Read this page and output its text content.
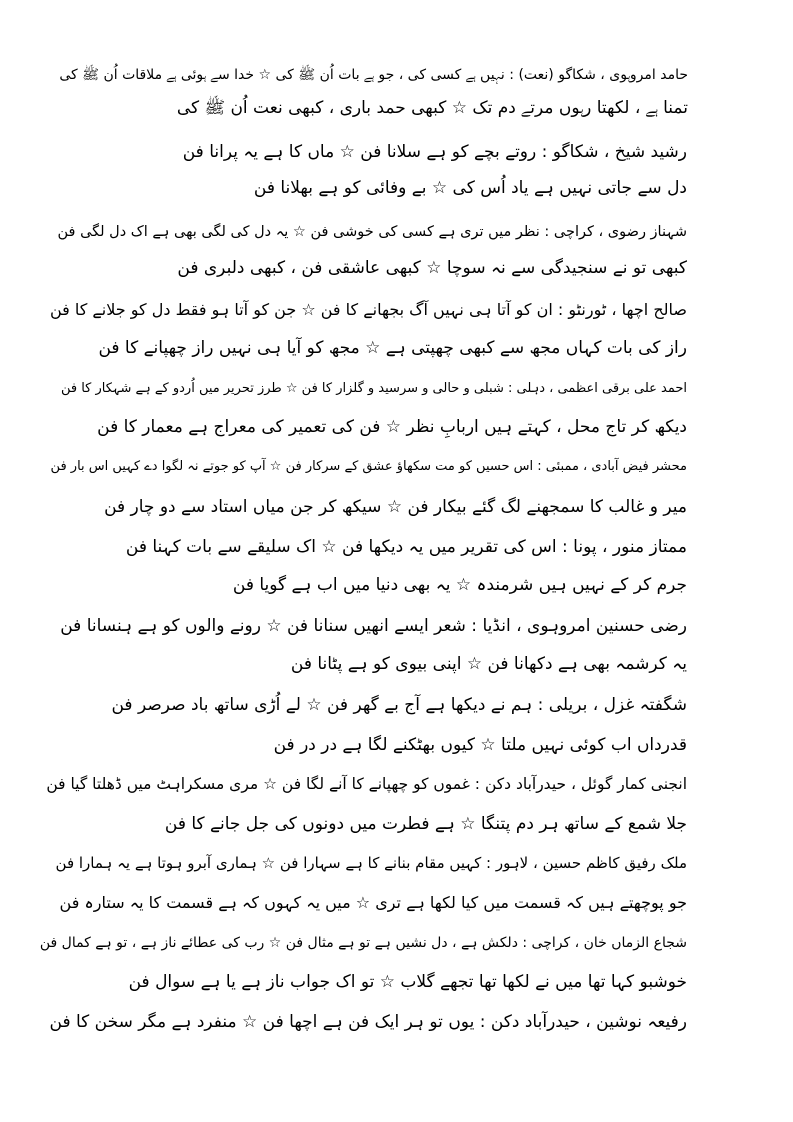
حامد امروہوی ، شکاگو (نعت) : نہیں ہے کسی کی ، جو ہے بات اُن ﷺ کی ☆ خدا سے ہوئی ہے ملاقات اُن ﷺ کی
تمنا ہے ، لکھتا رہوں مرتے دم تک ☆ کبھی حمد باری ، کبھی نعت اُن ﷺ کی
رشید شیخ ، شکاگو : روتے بچے کو ہے سلانا فن ☆ ماں کا ہے یہ پرانا فن
دل سے جاتی نہیں ہے یاد اُس کی ☆ بے وفائی کو ہے بھلانا فن
شہناز رضوی ، کراچی : نظر میں تری ہے کسی کی خوشی فن ☆ یہ دل کی لگی بھی ہے اک دل لگی فن
کبھی تو نے سنجیدگی سے نہ سوچا ☆ کبھی عاشقی فن ، کبھی دلبری فن
صالح اچھا ، ٹورنٹو : ان کو آتا ہی نہیں آگ بجھانے کا فن ☆ جن کو آتا ہو فقط دل کو جلانے کا فن
راز کی بات کہاں مجھ سے کبھی چھپتی ہے ☆ مجھ کو آیا ہی نہیں راز چھپانے کا فن
احمد علی برقی اعظمی ، دہلی : شبلی و حالی و سرسید و گلزار کا فن ☆ طرز تحریر میں اُردو کے ہے شہکار کا فن
دیکھ کر تاج محل ، کہتے ہیں اربابِ نظر ☆ فن کی تعمیر کی معراج ہے معمار کا فن
محشر فیض آبادی ، ممبئی : اس حسیں کو مت سکھاؤ عشق کے سرکار فن ☆ آپ کو جوتے نہ لگوا دے کہیں اس بار فن
میر و غالب کا سمجھنے لگ گئے بیکار فن ☆ سیکھ کر جن میاں استاد سے دو چار فن
ممتاز منور ، پونا : اس کی تقریر میں یہ دیکھا فن ☆ اک سلیقے سے بات کہنا فن
جرم کر کے نہیں ہیں شرمندہ ☆ یہ بھی دنیا میں اب ہے گویا فن
رضی حسنین امروہوی ، انڈیا : شعر ایسے انھیں سنانا فن ☆ رونے والوں کو ہے ہنسانا فن
یہ کرشمہ بھی ہے دکھانا فن ☆ اپنی بیوی کو ہے پٹانا فن
شگفتہ غزل ، بریلی : ہم نے دیکھا ہے آج بے گھر فن ☆ لے اُڑی ساتھ باد صرصر فن
قدرداں اب کوئی نہیں ملتا ☆ کیوں بھٹکنے لگا ہے در در فن
انجنی کمار گوئل ، حیدرآباد دکن : غموں کو چھپانے کا آنے لگا فن ☆ مری مسکراہٹ میں ڈھلتا گیا فن
جلا شمع کے ساتھ ہر دم پتنگا ☆ ہے فطرت میں دونوں کی جل جانے کا فن
ملک رفیق کاظم حسین ، لاہور : کہیں مقام بنانے کا ہے سہارا فن ☆ ہماری آبرو ہوتا ہے یہ ہمارا فن
جو پوچھتے ہیں کہ قسمت میں کیا لکھا ہے تری ☆ میں یہ کہوں کہ ہے قسمت کا یہ ستارہ فن
شجاع الزماں خان ، کراچی : دلکش ہے ، دل نشیں ہے تو ہے مثال فن ☆ رب کی عطائے ناز ہے ، تو ہے کمال فن
خوشبو کہا تھا میں نے لکھا تھا تجھے گلاب ☆ تو اک جواب ناز ہے یا ہے سوال فن
رفیعہ نوشین ، حیدرآباد دکن : یوں تو ہر ایک فن ہے اچھا فن ☆ منفرد ہے مگر سخن کا فن
